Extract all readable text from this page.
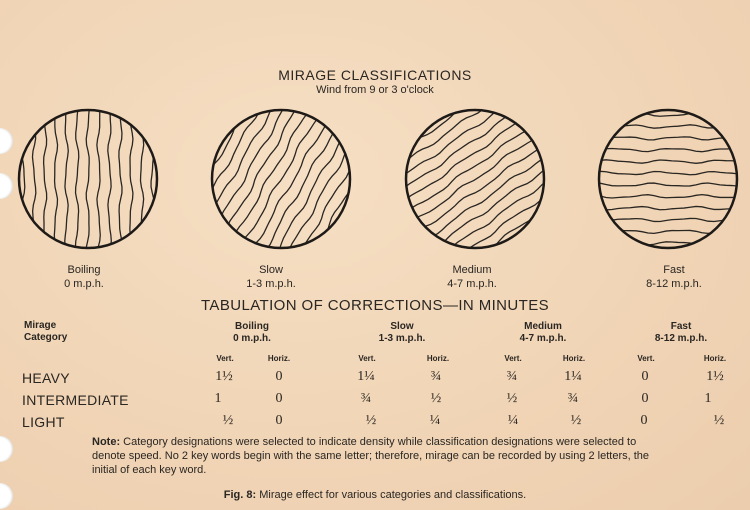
MIRAGE CLASSIFICATIONS
Wind from 9 or 3 o'clock
Boiling
0 m.p.h.
Slow
1-3 m.p.h.
Medium
4-7 m.p.h.
Fast
8-12 m.p.h.
TABULATION OF CORRECTIONS—IN MINUTES
Mirage
Category
Boiling
0 m.p.h.
Slow
1-3 m.p.h.
Medium
4-7 m.p.h.
Fast
8-12 m.p.h.
Vert.	Horiz.	Vert.	Horiz.	Vert.	Horiz.	Vert.	Horiz.
HEAVY	1½	0	1¼	¾	¾	1¼	0	1½
INTERMEDIATE	1	0	¾	½	½	¾	0	1
LIGHT	½	0	½	¼	¼	½	0	½
Note: Category designations were selected to indicate density while classification designations were selected to denote speed. No 2 key words begin with the same letter; therefore, mirage can be recorded by using 2 letters, the initial of each key word.
Fig. 8: Mirage effect for various categories and classifications.
